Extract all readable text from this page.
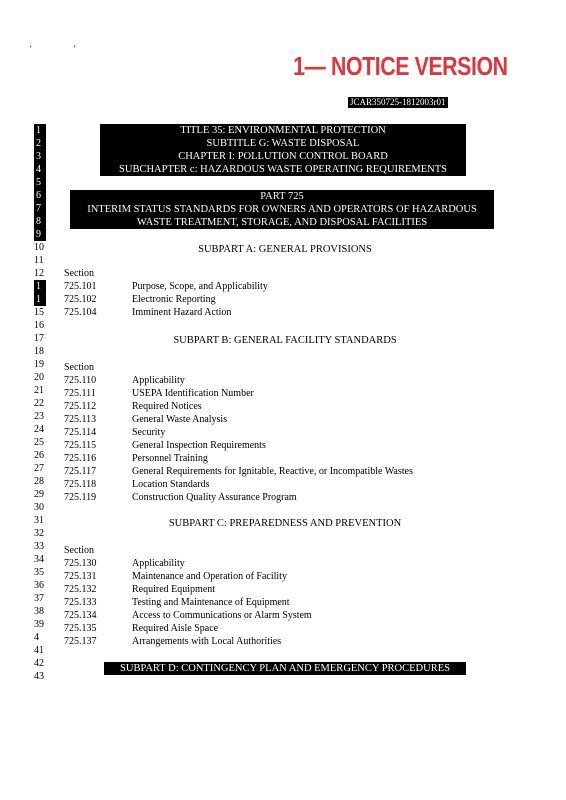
' '
1— NOTICE VERSION
JCAR350725-1812003r01
1
2
3
4
5
6
7
8
9
10
11
12
1
1
15
16
17
18
19
20
21
22
23
24
25
26
27
28
29
30
31
32
33
34
35
36
37
38
39
4
41
42
43
TITLE 35: ENVIRONMENTAL PROTECTION
SUBTITLE G: WASTE DISPOSAL
CHAPTER I: POLLUTION CONTROL BOARD
SUBCHAPTER c: HAZARDOUS WASTE OPERATING REQUIREMENTS
PART 725
INTERIM STATUS STANDARDS FOR OWNERS AND OPERATORS OF HAZARDOUS
WASTE TREATMENT, STORAGE, AND DISPOSAL FACILITIES
SUBPART A: GENERAL PROVISIONS
Section
725.101	Purpose, Scope, and Applicability
725.102	Electronic Reporting
725.104	Imminent Hazard Action
SUBPART B: GENERAL FACILITY STANDARDS
Section
725.110	Applicability
725.111	USEPA Identification Number
725.112	Required Notices
725.113	General Waste Analysis
725.114	Security
725.115	General Inspection Requirements
725.116	Personnel Training
725.117	General Requirements for Ignitable, Reactive, or Incompatible Wastes
725.118	Location Standards
725.119	Construction Quality Assurance Program
SUBPART C: PREPAREDNESS AND PREVENTION
Section
725.130	Applicability
725.131	Maintenance and Operation of Facility
725.132	Required Equipment
725.133	Testing and Maintenance of Equipment
725.134	Access to Communications or Alarm System
725.135	Required Aisle Space
725.137	Arrangements with Local Authorities
SUBPART D: CONTINGENCY PLAN AND EMERGENCY PROCEDURES
